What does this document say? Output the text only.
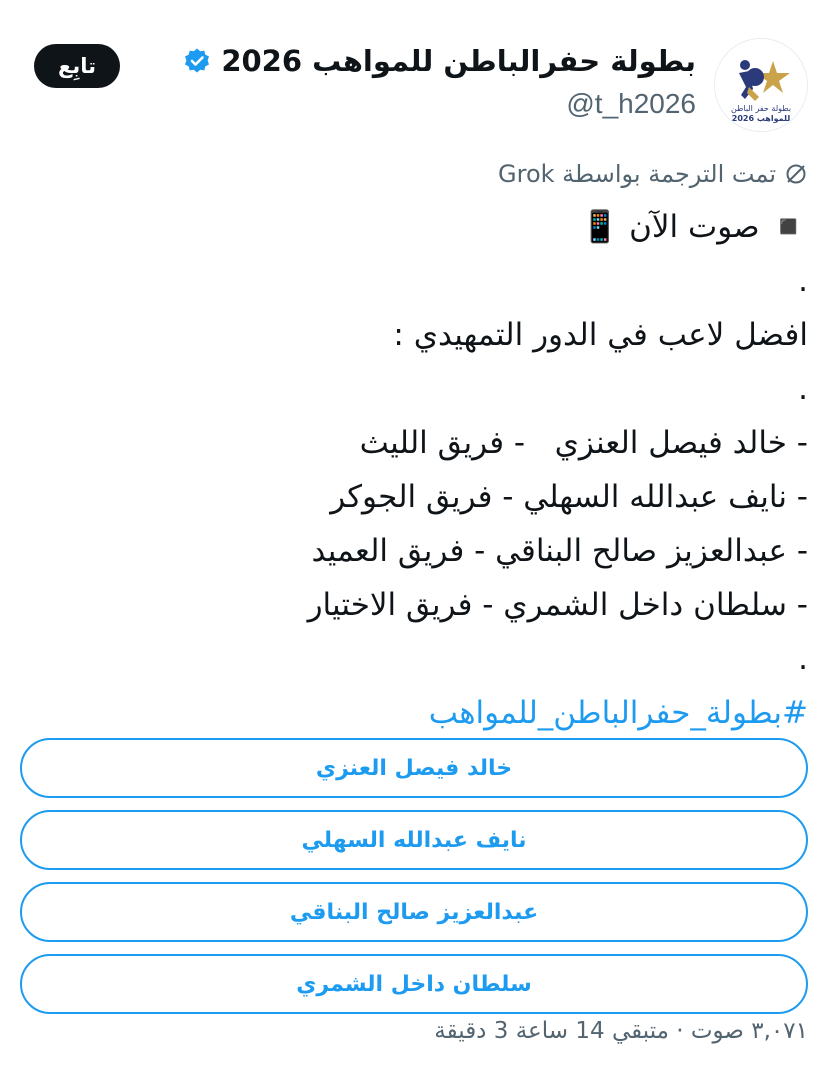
بطولة حفر الباطن
للمواهب 2026
بطولة حفرالباطن للمواهب 2026
@t_h2026
تابِع
تمت الترجمة بواسطة Grok
◾️ صوت الآن 📱
.
افضل لاعب في الدور التمهيدي :
.
- خالد فيصل العنزي   - فريق الليث
- نايف عبدالله السهلي - فريق الجوكر
- عبدالعزيز صالح البناقي - فريق العميد
- سلطان داخل الشمري - فريق الاختيار
.
#بطولة_حفرالباطن_للمواهب
خالد فيصل العنزي
نايف عبدالله السهلي
عبدالعزيز صالح البناقي
سلطان داخل الشمري
٣,٠٧١ صوت · متبقي 14 ساعة 3 دقيقة
